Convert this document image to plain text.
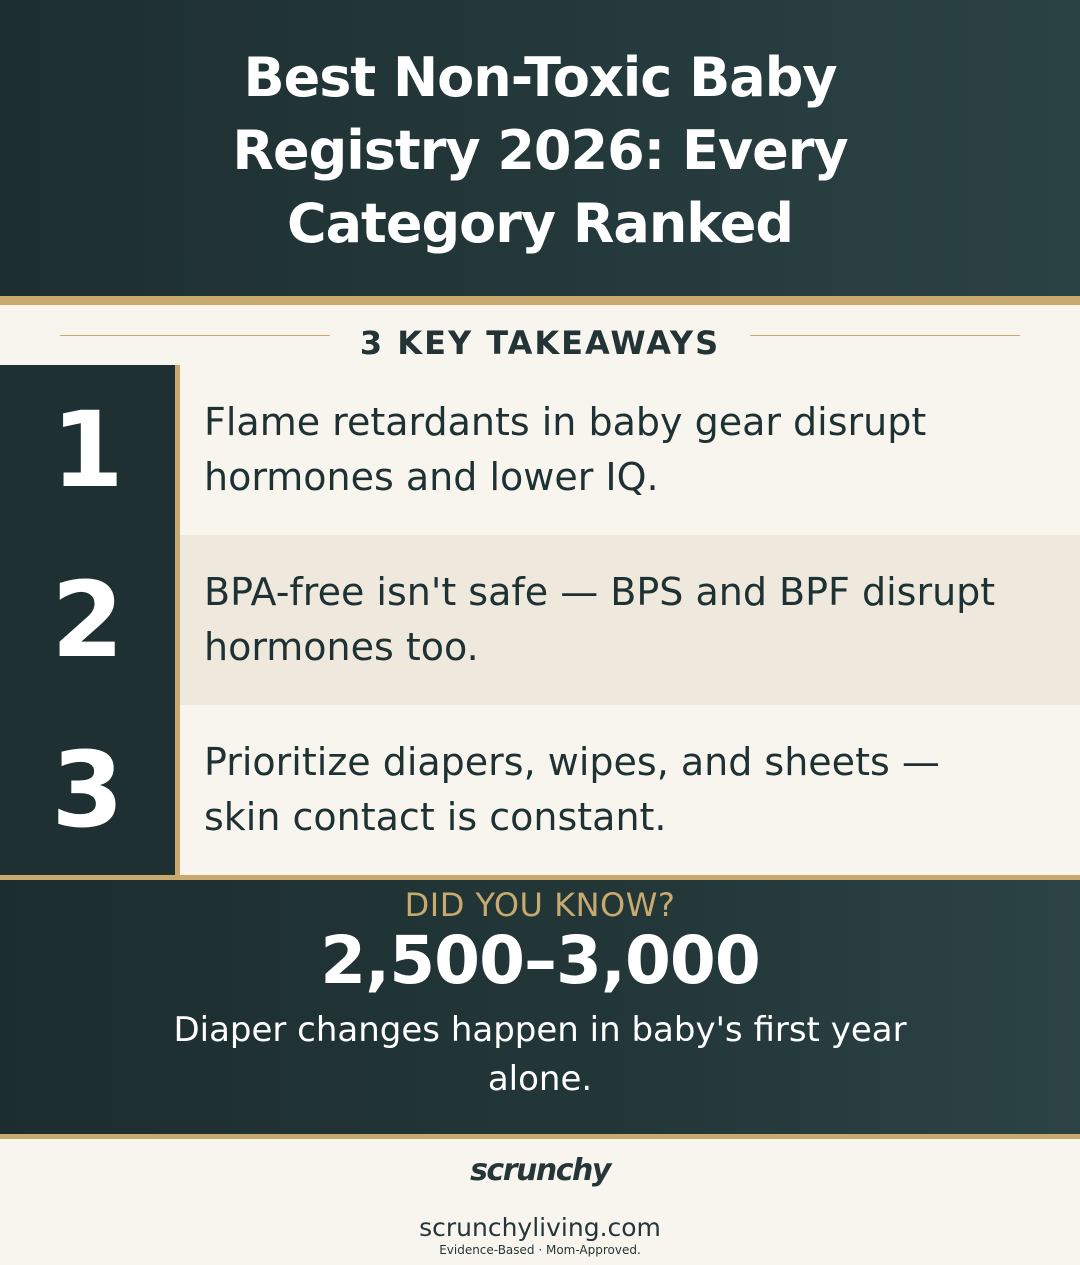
Best Non-Toxic Baby Registry 2026: Every Category Ranked
3 KEY TAKEAWAYS
1
2
3
Flame retardants in baby gear disrupt hormones and lower IQ.
BPA-free isn't safe — BPS and BPF disrupt hormones too.
Prioritize diapers, wipes, and sheets — skin contact is constant.
DID YOU KNOW?
2,500–3,000
Diaper changes happen in baby's first year alone.
scrunchy
scrunchyliving.com
Evidence-Based · Mom-Approved.
